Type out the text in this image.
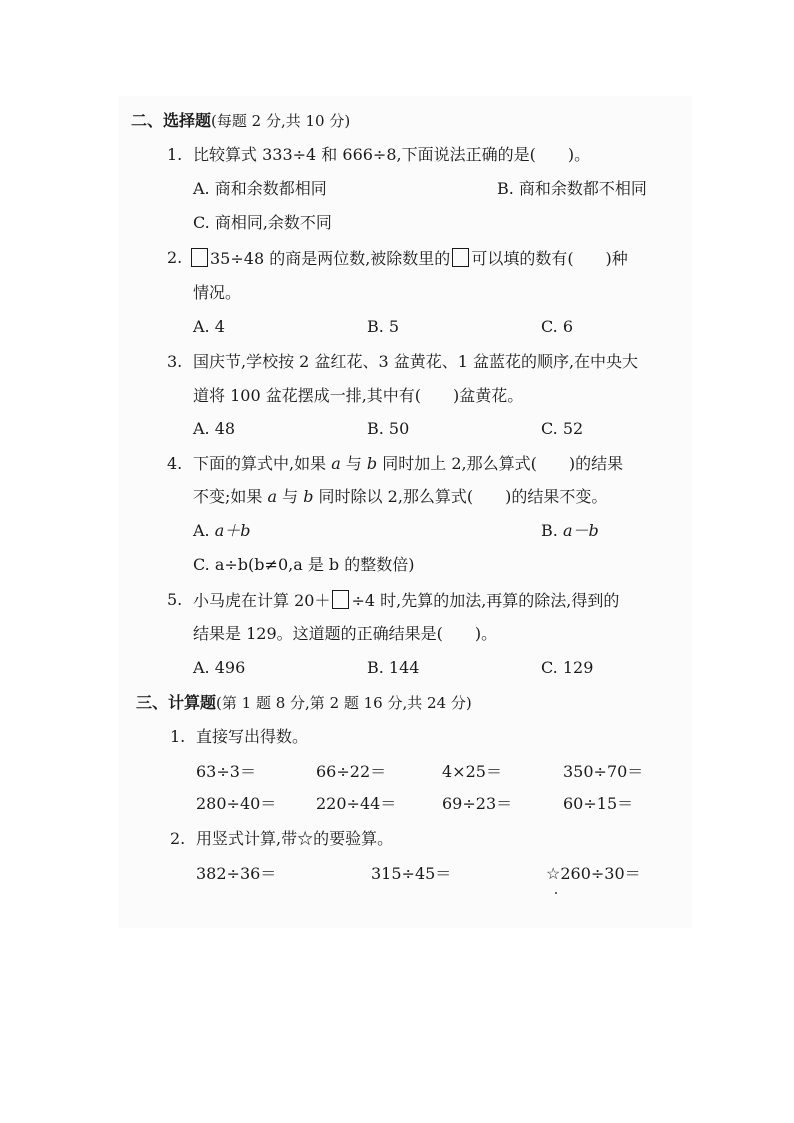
二、选择题(每题 2 分,共 10 分)
1. 比较算式 333÷4 和 666÷8,下面说法正确的是(　　)。
A. 商和余数都相同	B. 商和余数都不相同
C. 商相同,余数不同
2.	35÷48 的商是两位数,被除数里的 可以填的数有(　　)种
情况。
A. 4	B. 5	C. 6
3. 国庆节,学校按 2 盆红花、3 盆黄花、1 盆蓝花的顺序,在中央大
道将 100 盆花摆成一排,其中有(　　)盆黄花。
A. 48	B. 50	C. 52
4. 下面的算式中,如果 a 与 b 同时加上 2,那么算式(　　)的结果
不变;如果 a 与 b 同时除以 2,那么算式(　　)的结果不变。
A. a＋b	B. a－b
C. a÷b(b≠0,a 是 b 的整数倍)
5. 小马虎在计算 20＋ ÷4 时,先算的加法,再算的除法,得到的
结果是 129。这道题的正确结果是(　　)。
A. 496	B. 144	C. 129
三、计算题(第 1 题 8 分,第 2 题 16 分,共 24 分)
1. 直接写出得数。
63÷3＝	66÷22＝	4×25＝	350÷70＝
280÷40＝ 220÷44＝	69÷23＝	60÷15＝
2. 用竖式计算,带☆的要验算。
382÷36＝	315÷45＝	☆260÷30＝
